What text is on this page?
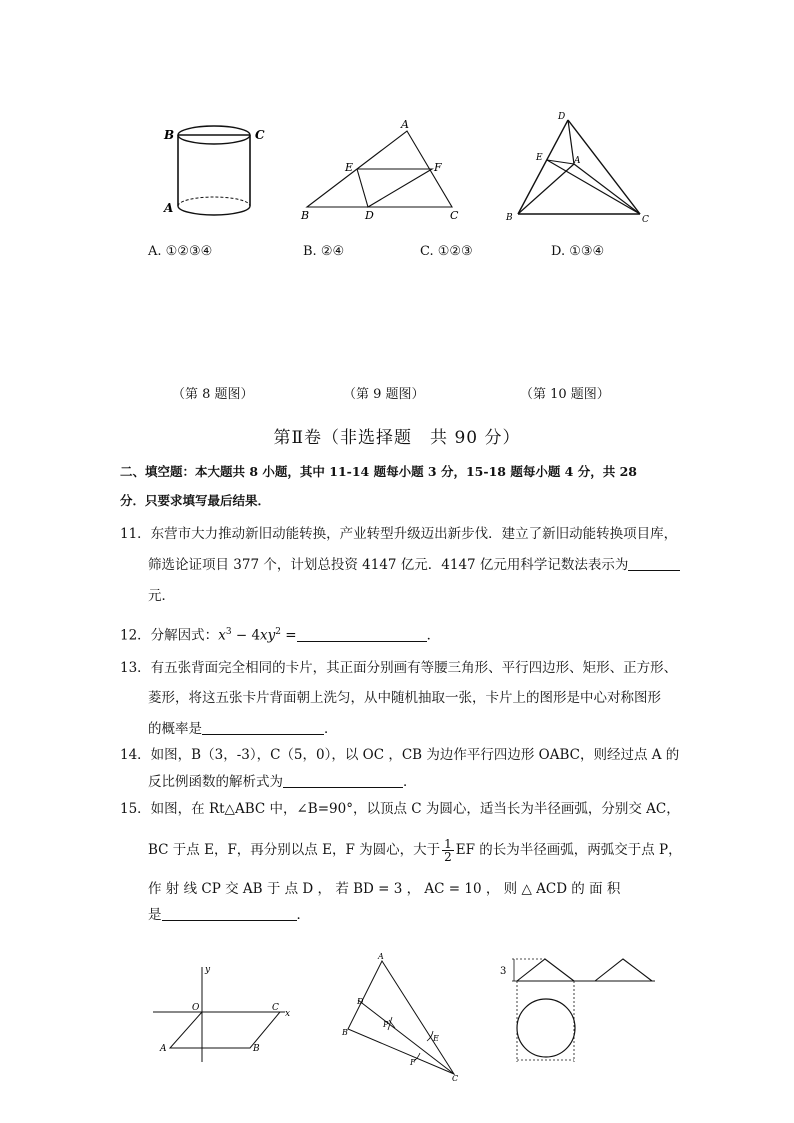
B	C
A
A
E	F
B	D	C
D
E	A
B	C
A. ①②③④	B. ②④	C. ①②③	D. ①③④
（第 8 题图）	（第 9 题图）	（第 10 题图）
第Ⅱ卷（非选择题　共 90 分）
二、填空题：本大题共 8 小题，其中 11-14 题每小题 3 分，15-18 题每小题 4 分，共 28
分．只要求填写最后结果．
11．东营市大力推动新旧动能转换，产业转型升级迈出新步伐．建立了新旧动能转换项目库，
筛选论证项目 377 个，计划总投资 4147 亿元．4147 亿元用科学记数法表示为
元．
12．分解因式：$x^3 - 4xy^2$ =	．
13．有五张背面完全相同的卡片，其正面分别画有等腰三角形、平行四边形、矩形、正方形、
菱形，将这五张卡片背面朝上洗匀，从中随机抽取一张，卡片上的图形是中心对称图形
的概率是	．
14．如图，B（3，-3），C（5，0），以 OC ，CB 为边作平行四边形 OABC，则经过点 A 的
反比例函数的解析式为	．
15．如图，在 Rt△ABC 中，∠B=90°，以顶点 C 为圆心，适当长为半径画弧，分别交 AC，
BC 于点 E，F，再分别以点 E，F 为圆心，大于 $\frac{1}{2}$ EF 的长为半径画弧，两弧交于点 P，
作 射 线 CP 交 AB 于 点 D ， 若 BD = 3 ， AC = 10 ， 则 △ ACD 的 面 积
是	．
y
O	C
x
A	B
A
D
P
E
B
F
C
3
